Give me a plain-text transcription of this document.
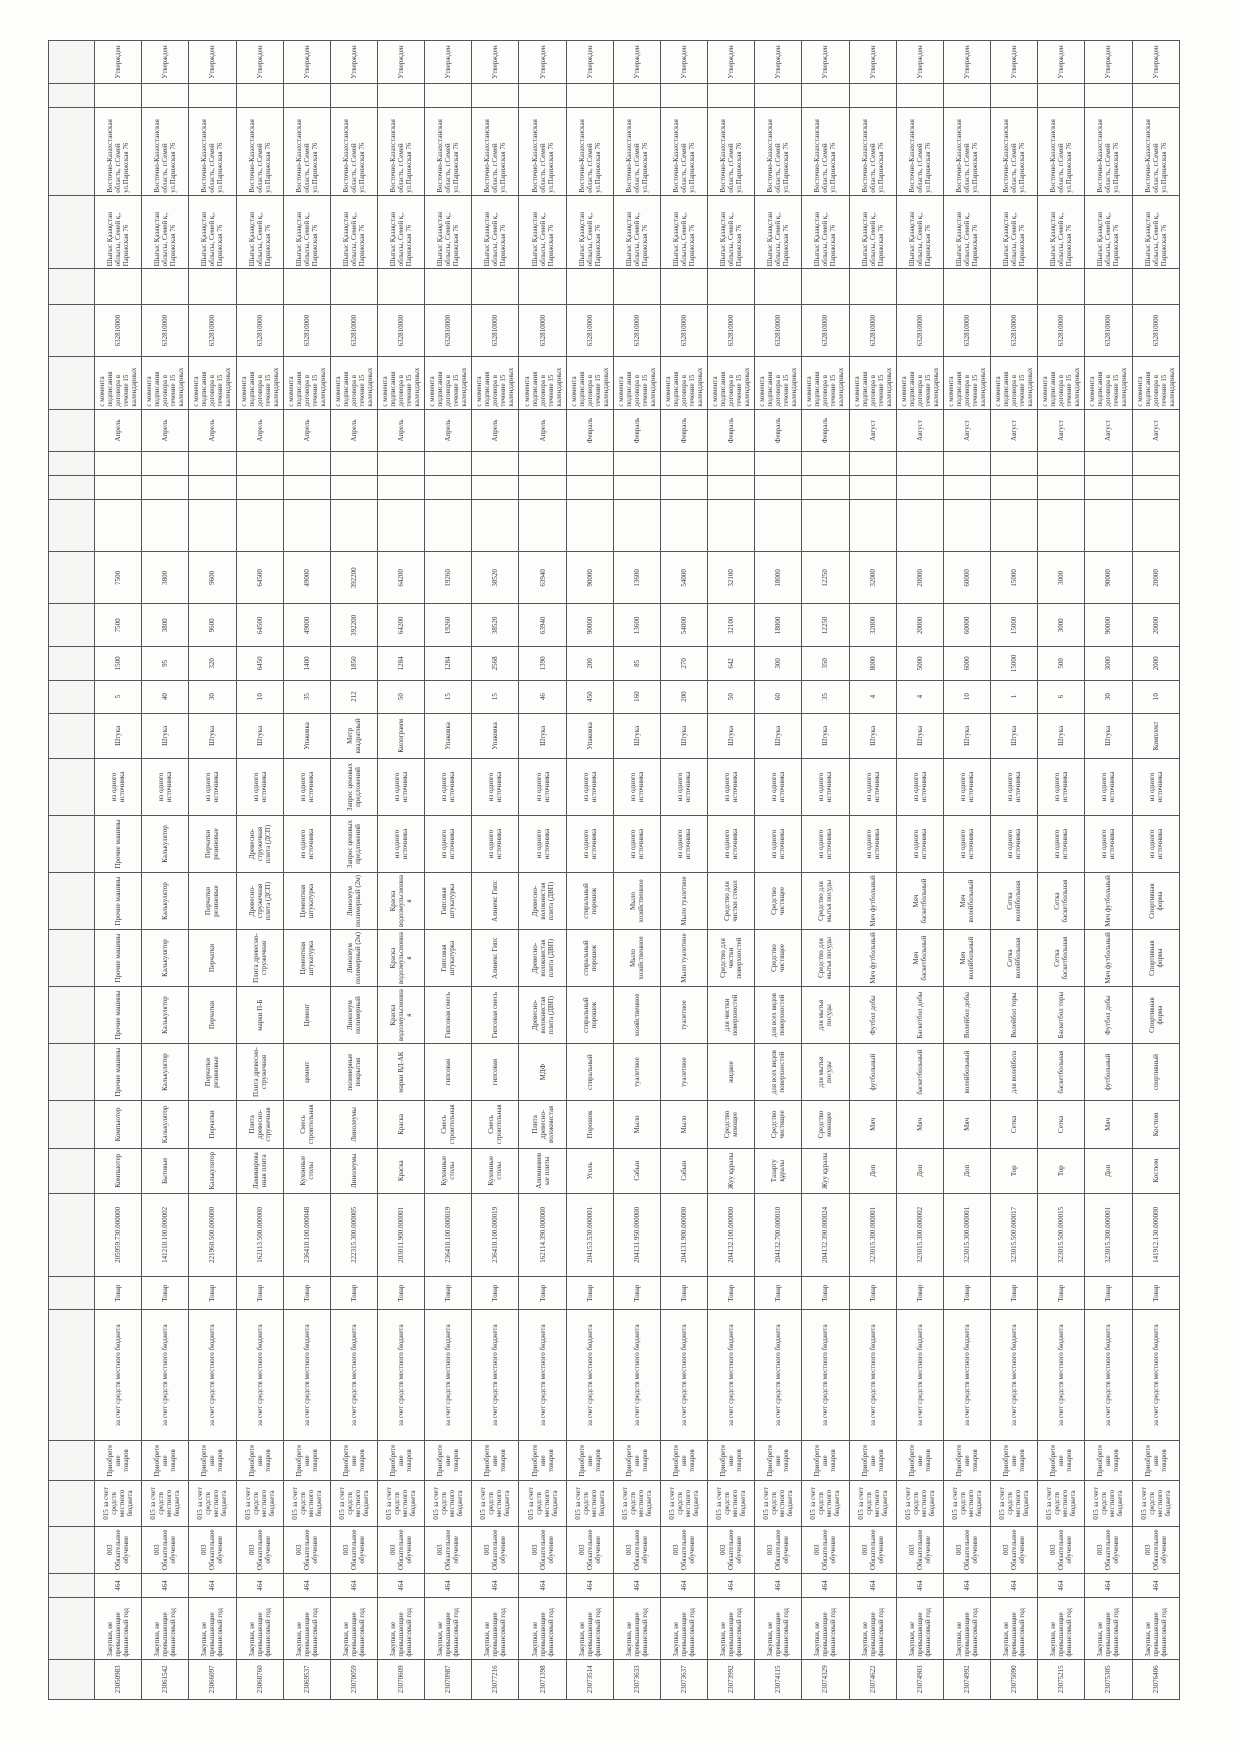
23050983	Закупки, не превышающие финансовый год	464	003 Обязательное обучение	015 за счет средств местного бюджета	Приобретение товаров	за счет средств местного бюджета	Товар	205959.730.000000	Компьютер	Компьютер	Прочие машины	Прочие машины	Прочие машины	Прочие машины	Прочие машины	из одного источника	Штука	5	1500	7500	7500				Апрель	c момента подписания договора в течение 15 календарных	632810000		Шығыс Қазақстан облысы, Семей қ., Парижская 76	Восточно-Казахстанская область, г.Семей ул.Парижская 76		Утвержден
23061542	Закупки, не превышающие финансовый год	464	003 Обязательное обучение	015 за счет средств местного бюджета	Приобретение товаров	за счет средств местного бюджета	Товар	141210.100.000002	Бытовые	Калькулятор	Калькулятор	Калькулятор	Калькулятор	Калькулятор	Калькулятор	из одного источника	Штука	40	95	3800	3800				Апрель	c момента подписания договора в течение 15 календарных	632810000		Шығыс Қазақстан облысы, Семей қ., Парижская 76	Восточно-Казахстанская область, г.Семей ул.Парижская 76		Утвержден
23066097	Закупки, не превышающие финансовый год	464	003 Обязательное обучение	015 за счет средств местного бюджета	Приобретение товаров	за счет средств местного бюджета	Товар	221960.500.000000	Калькулятор	Перчатки	Перчатки резиновые	Перчатки	Перчатки	Перчатки резиновые	Перчатки резиновые	из одного источника	Штука	30	320	9600	9600				Апрель	c момента подписания договора в течение 15 календарных	632810000		Шығыс Қазақстан облысы, Семей қ., Парижская 76	Восточно-Казахстанская область, г.Семей ул.Парижская 76		Утвержден
23068760	Закупки, не превышающие финансовый год	464	003 Обязательное обучение	015 за счет средств местного бюджета	Приобретение товаров	за счет средств местного бюджета	Товар	162113.500.000000	Ламинированная плита	Плита древесно-стружечная	Плита древесно-стружечная	марки П-Б	Плита древесно-стружечная	Древесно-стружечная плита (ДСП)	Древесно-стружечная плита (ДСП)	из одного источника	Штука	10	6450	64500	64500				Апрель	c момента подписания договора в течение 15 календарных	632810000		Шығыс Қазақстан облысы, Семей қ., Парижская 76	Восточно-Казахстанская область, г.Семей ул.Парижская 76		Утвержден
23069537	Закупки, не превышающие финансовый год	464	003 Обязательное обучение	015 за счет средств местного бюджета	Приобретение товаров	за счет средств местного бюджета	Товар	236410.100.000048	Кухонные столы	Смесь строительная	цемент	Цемент	Цементная штукатурка	Цементная штукатурка	из одного источника	из одного источника	Упаковка	35	1400	49000	49000				Апрель	c момента подписания договора в течение 15 календарных	632810000		Шығыс Қазақстан облысы, Семей қ., Парижская 76	Восточно-Казахстанская область, г.Семей ул.Парижская 76		Утвержден
23070059	Закупки, не превышающие финансовый год	464	003 Обязательное обучение	015 за счет средств местного бюджета	Приобретение товаров	за счет средств местного бюджета	Товар	222315.300.000005	Линолеумы	Линолеумы	полимерные покрытия	Линолеум полимерный	Линолеум полимерный (2м)	Линолеум полимерный (2м)	Запрос ценовых предложений	Запрос ценовых предложений	Метр квадратный	212	1850	392200	392200				Апрель	c момента подписания договора в течение 15 календарных	632810000		Шығыс Қазақстан облысы, Семей қ., Парижская 76	Восточно-Казахстанская область, г.Семей ул.Парижская 76		Утвержден
23070609	Закупки, не превышающие финансовый год	464	003 Обязательное обучение	015 за счет средств местного бюджета	Приобретение товаров	за счет средств местного бюджета	Товар	203011.900.000001	Краска	Краска	марки ВД-АК	Краска водоэмульсионная	Краска водоэмульсионная	Краска водоэмульсионная	из одного источника	из одного источника	Килограмм	50	1284	64200	64200				Апрель	c момента подписания договора в течение 15 календарных	632810000		Шығыс Қазақстан облысы, Семей қ., Парижская 76	Восточно-Казахстанская область, г.Семей ул.Парижская 76		Утвержден
23070987	Закупки, не превышающие финансовый год	464	003 Обязательное обучение	015 за счет средств местного бюджета	Приобретение товаров	за счет средств местного бюджета	Товар	236410.100.000019	Кухонные столы	Смесь строительная	гипсовая	Гипсовая смесь	Гипсовая штукатурка	Гипсовая штукатурка	из одного источника	из одного источника	Упаковка	15	1284	19260	19260				Апрель	c момента подписания договора в течение 15 календарных	632810000		Шығыс Қазақстан облысы, Семей қ., Парижская 76	Восточно-Казахстанская область, г.Семей ул.Парижская 76		Утвержден
23077216	Закупки, не превышающие финансовый год	464	003 Обязательное обучение	015 за счет средств местного бюджета	Приобретение товаров	за счет средств местного бюджета	Товар	236410.100.000019	Кухонные столы	Смесь строительная	гипсовая	Гипсовая смесь	Алинекс Гипс	Алинекс Гипс	из одного источника	из одного источника	Упаковка	15	2568	38520	38520				Апрель	c момента подписания договора в течение 15 календарных	632810000		Шығыс Қазақстан облысы, Семей қ., Парижская 76	Восточно-Казахстанская область, г.Семей ул.Парижская 76		Утвержден
23071398	Закупки, не превышающие финансовый год	464	003 Обязательное обучение	015 за счет средств местного бюджета	Приобретение товаров	за счет средств местного бюджета	Товар	162114.390.000000	Алюминиевые плиты	Плита древесно-волокнистая	МДФ	Древесно-волокнистая плита (ДВП)	Древесно-волокнистая плита (ДВП)	Древесно-волокнистая плита (ДВП)	из одного источника	из одного источника	Штука	46	1390	63940	63940				Апрель	c момента подписания договора в течение 15 календарных	632810000		Шығыс Қазақстан облысы, Семей қ., Парижская 76	Восточно-Казахстанская область, г.Семей ул.Парижская 76		Утвержден
23073514	Закупки, не превышающие финансовый год	464	003 Обязательное обучение	015 за счет средств местного бюджета	Приобретение товаров	за счет средств местного бюджета	Товар	204153.530.000001	Уголь	Порошок	стиральный	стиральный порошок	стиральный порошок	стиральный порошок	из одного источника	из одного источника	Упаковка	450	200	90000	90000				Февраль	c момента подписания договора в течение 15 календарных	632810000		Шығыс Қазақстан облысы, Семей қ., Парижская 76	Восточно-Казахстанская область, г.Семей ул.Парижская 76		Утвержден
23073633	Закупки, не превышающие финансовый год	464	003 Обязательное обучение	015 за счет средств местного бюджета	Приобретение товаров	за счет средств местного бюджета	Товар	204131.950.000000	Сабын	Мыло	туалетное	хозяйственное	Мыло хозяйственное	Мыло хозяйственное	из одного источника	из одного источника	Штука	160	85	13600	13600				Февраль	c момента подписания договора в течение 15 календарных	632810000		Шығыс Қазақстан облысы, Семей қ., Парижская 76	Восточно-Казахстанская область, г.Семей ул.Парижская 76		Утвержден
23073637	Закупки, не превышающие финансовый год	464	003 Обязательное обучение	015 за счет средств местного бюджета	Приобретение товаров	за счет средств местного бюджета	Товар	204131.900.000000	Сабын	Мыло	туалетное	туалетное	Мыло туалетное	Мыло туалетное	из одного источника	из одного источника	Штука	200	270	54000	54000				Февраль	c момента подписания договора в течение 15 календарных	632810000		Шығыс Қазақстан облысы, Семей қ., Парижская 76	Восточно-Казахстанская область, г.Семей ул.Парижская 76		Утвержден
23073992	Закупки, не превышающие финансовый год	464	003 Обязательное обучение	015 за счет средств местного бюджета	Приобретение товаров	за счет средств местного бюджета	Товар	204132.100.000000	Жуу құралы	Средство моющее	жидкое	для чистки поверхностей	Средство для чистки поверхностей	Средство для чистки стекол	из одного источника	из одного источника	Штука	50	642	32100	32100				Февраль	c момента подписания договора в течение 15 календарных	632810000		Шығыс Қазақстан облысы, Семей қ., Парижская 76	Восточно-Казахстанская область, г.Семей ул.Парижская 76		Утвержден
23074115	Закупки, не превышающие финансовый год	464	003 Обязательное обучение	015 за счет средств местного бюджета	Приобретение товаров	за счет средств местного бюджета	Товар	204132.700.000010	Тазарту құралы	Средство чистящее	для всех видов поверхностей	для всех видов поверхностей	Средство чистящее	Средство чистящее	из одного источника	из одного источника	Штука	60	300	18000	18000				Февраль	c момента подписания договора в течение 15 календарных	632810000		Шығыс Қазақстан облысы, Семей қ., Парижская 76	Восточно-Казахстанская область, г.Семей ул.Парижская 76		Утвержден
23074329	Закупки, не превышающие финансовый год	464	003 Обязательное обучение	015 за счет средств местного бюджета	Приобретение товаров	за счет средств местного бюджета	Товар	204132.390.000024	Жуу құралы	Средство моющее	для мытья посуды	для мытья посуды	Средство для мытья посуды	Средство для мытья посуды	из одного источника	из одного источника	Штука	35	350	12250	12250				Февраль	c момента подписания договора в течение 15 календарных	632810000		Шығыс Қазақстан облысы, Семей қ., Парижская 76	Восточно-Казахстанская область, г.Семей ул.Парижская 76		Утвержден
23074622	Закупки, не превышающие финансовый год	464	003 Обязательное обучение	015 за счет средств местного бюджета	Приобретение товаров	за счет средств местного бюджета	Товар	323015.300.000001	Доп	Мяч	футбольный	Футбол добы	Мяч футбольный	Мяч футбольный	из одного источника	из одного источника	Штука	4	8000	32000	32000				Август	c момента подписания договора в течение 15 календарных	632810000		Шығыс Қазақстан облысы, Семей қ., Парижская 76	Восточно-Казахстанская область, г.Семей ул.Парижская 76		Утвержден
23074903	Закупки, не превышающие финансовый год	464	003 Обязательное обучение	015 за счет средств местного бюджета	Приобретение товаров	за счет средств местного бюджета	Товар	323015.300.000002	Доп	Мяч	баскетбольный	Баскетбол добы	Мяч баскетбольный	Мяч баскетбольный	из одного источника	из одного источника	Штука	4	5000	20000	20000				Август	c момента подписания договора в течение 15 календарных	632810000		Шығыс Қазақстан облысы, Семей қ., Парижская 76	Восточно-Казахстанская область, г.Семей ул.Парижская 76		Утвержден
23074992	Закупки, не превышающие финансовый год	464	003 Обязательное обучение	015 за счет средств местного бюджета	Приобретение товаров	за счет средств местного бюджета	Товар	323015.300.000001	Доп	Мяч	волейбольный	Волейбол добы	Мяч волейбольный	Мяч волейбольный	из одного источника	из одного источника	Штука	10	6000	60000	60000				Август	c момента подписания договора в течение 15 календарных	632810000		Шығыс Қазақстан облысы, Семей қ., Парижская 76	Восточно-Казахстанская область, г.Семей ул.Парижская 76		Утвержден
23075090	Закупки, не превышающие финансовый год	464	003 Обязательное обучение	015 за счет средств местного бюджета	Приобретение товаров	за счет средств местного бюджета	Товар	323015.500.000017	Тор	Сетка	для волейбола	Волейбол торы	Сетка волейбольная	Сетка волейбольная	из одного источника	из одного источника	Штука	1	15000	15000	15000				Август	c момента подписания договора в течение 15 календарных	632810000		Шығыс Қазақстан облысы, Семей қ., Парижская 76	Восточно-Казахстанская область, г.Семей ул.Парижская 76		Утвержден
23075215	Закупки, не превышающие финансовый год	464	003 Обязательное обучение	015 за счет средств местного бюджета	Приобретение товаров	за счет средств местного бюджета	Товар	323015.500.000015	Тор	Сетка	баскетбольная	Баскетбол торы	Сетка баскетбольная	Сетка баскетбольная	из одного источника	из одного источника	Штука	6	500	3000	3000				Август	c момента подписания договора в течение 15 календарных	632810000		Шығыс Қазақстан облысы, Семей қ., Парижская 76	Восточно-Казахстанская область, г.Семей ул.Парижская 76		Утвержден
23075305	Закупки, не превышающие финансовый год	464	003 Обязательное обучение	015 за счет средств местного бюджета	Приобретение товаров	за счет средств местного бюджета	Товар	323015.300.000001	Доп	Мяч	футбольный	Футбол добы	Мяч футбольный	Мяч футбольный	из одного источника	из одного источника	Штука	30	3000	90000	90000				Август	c момента подписания договора в течение 15 календарных	632810000		Шығыс Қазақстан облысы, Семей қ., Парижская 76	Восточно-Казахстанская область, г.Семей ул.Парижская 76		Утвержден
23076406	Закупки, не превышающие финансовый год	464	003 Обязательное обучение	015 за счет средств местного бюджета	Приобретение товаров	за счет средств местного бюджета	Товар	141912.130.000000	Костюм	Костюм	спортивный	Спортивная форма	Спортивная форма	Спортивная форма	из одного источника	из одного источника	Комплект	10	2000	20000	20000				Август	c момента подписания договора в течение 15 календарных	632810000		Шығыс Қазақстан облысы, Семей қ., Парижская 76	Восточно-Казахстанская область, г.Семей ул.Парижская 76		Утвержден
